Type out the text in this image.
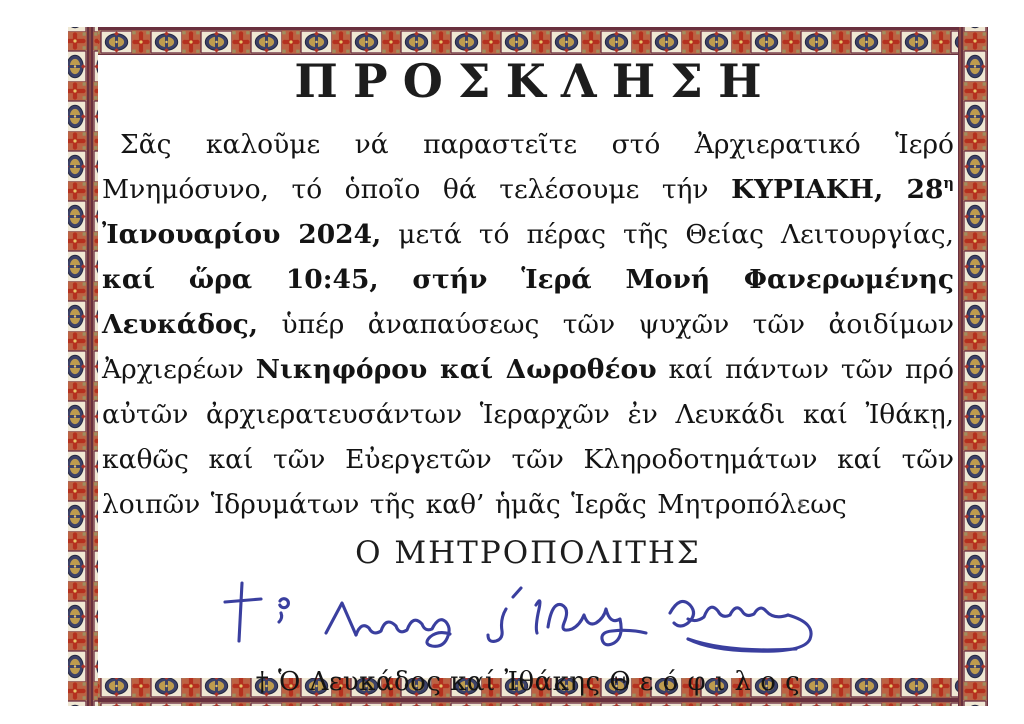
ΠΡΟΣΚΛΗΣΗ

Σᾶς καλοῦμε νά παραστεῖτε στό Ἀρχιερατικό Ἱερό Μνημόσυνο, τό ὁποῖο θά τελέσουμε τήν ΚΥΡΙΑΚΗ, $28^\eta$ Ἰανουαρίου 2024, μετά τό πέρας τῆς Θείας Λειτουργίας, καί ὥρα 10:45, στήν Ἱερά Μονή Φανερωμένης Λευκάδος, ὑπέρ ἀναπαύσεως τῶν ψυχῶν τῶν ἀοιδίμων Ἀρχιερέων Νικηφόρου καί Δωροθέου καί πάντων τῶν πρό αὐτῶν ἀρχιερατευσάντων Ἱεραρχῶν ἐν Λευκάδι καί Ἰθάκῃ, καθῶς καί τῶν Εὐεργετῶν τῶν Κληροδοτημάτων καί τῶν λοιπῶν Ἱδρυμάτων τῆς καθ’ ἡμᾶς Ἱερᾶς Μητροπόλεως

Ο ΜΗΤΡΟΠΟΛΙΤΗΣ
† Ὁ Λευκάδος καί Ἰθάκης Θ ε ό φ ι λ ο ς
